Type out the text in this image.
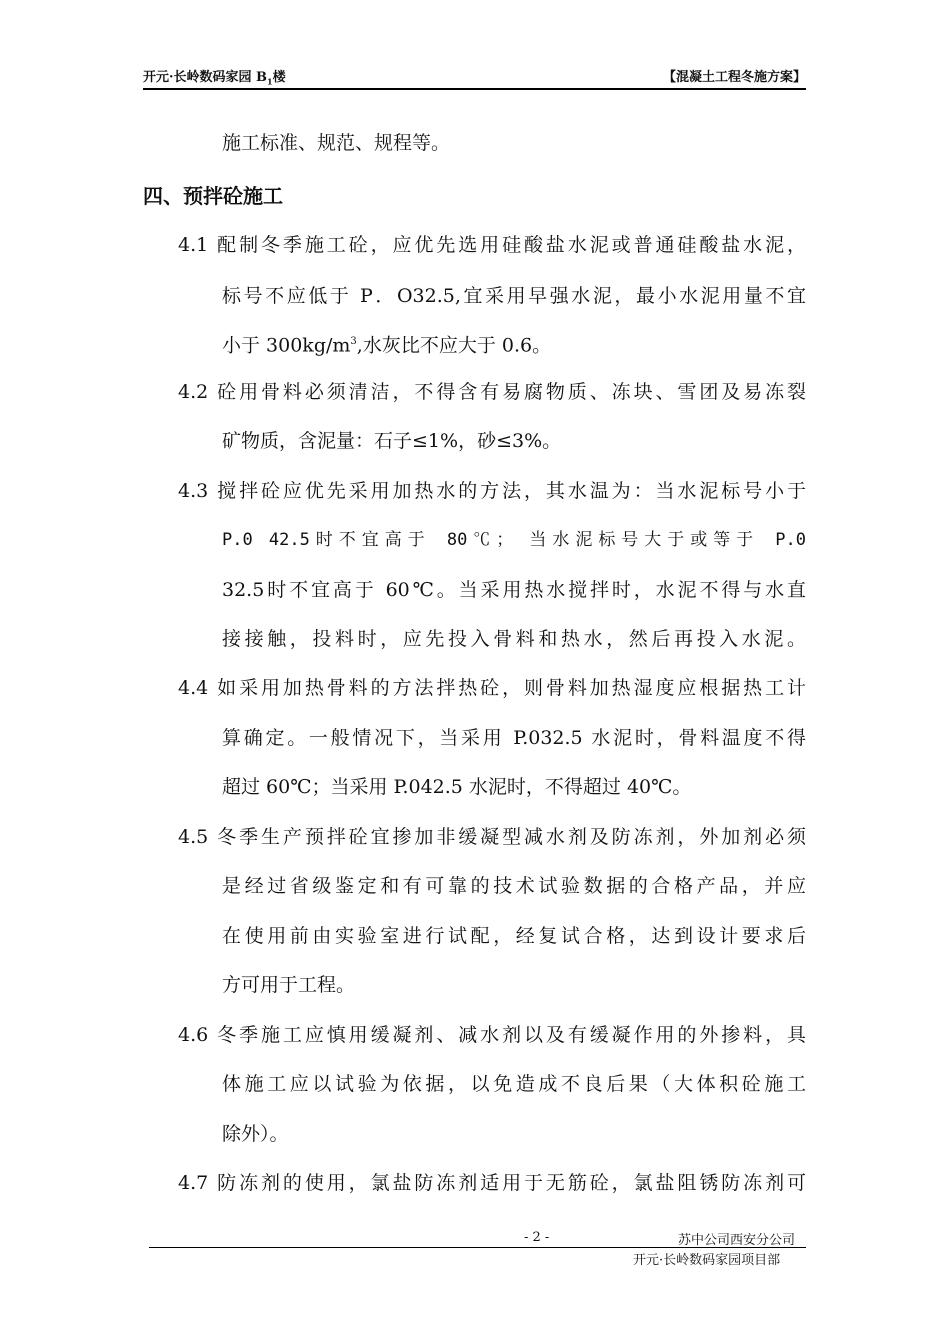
开元·长岭数码家园 $B_1$楼	【混凝土工程冬施方案】
施工标准、规范、规程等。
四、预拌砼施工
4.1 配制冬季施工砼，应优先选用硅酸盐水泥或普通硅酸盐水泥，
标号不应低于 P．O32.5,宜采用早强水泥，最小水泥用量不宜
小于 $300kg/m^3$,水灰比不应大于 0.6。
4.2 砼用骨料必须清洁，不得含有易腐物质、冻块、雪团及易冻裂
矿物质，含泥量：石子≤1%，砂≤3%。
4.3 搅拌砼应优先采用加热水的方法，其水温为：当水泥标号小于
P.0 42.5时不宜高于 80℃； 当水泥标号大于或等于 P.0
32.5时不宜高于 60℃。当采用热水搅拌时，水泥不得与水直
接接触，投料时，应先投入骨料和热水，然后再投入水泥。
4.4 如采用加热骨料的方法拌热砼，则骨料加热湿度应根据热工计
算确定。一般情况下，当采用 P.032.5 水泥时，骨料温度不得
超过 60℃；当采用 P.042.5 水泥时，不得超过 40℃。
4.5 冬季生产预拌砼宜掺加非缓凝型减水剂及防冻剂，外加剂必须
是经过省级鉴定和有可靠的技术试验数据的合格产品，并应
在使用前由实验室进行试配，经复试合格，达到设计要求后
方可用于工程。
4.6 冬季施工应慎用缓凝剂、减水剂以及有缓凝作用的外掺料，具
体施工应以试验为依据，以免造成不良后果（大体积砼施工
除外）。
4.7 防冻剂的使用，氯盐防冻剂适用于无筋砼，氯盐阻锈防冻剂可
- 2 -	苏中公司西安分公司
开元·长岭数码家园项目部
